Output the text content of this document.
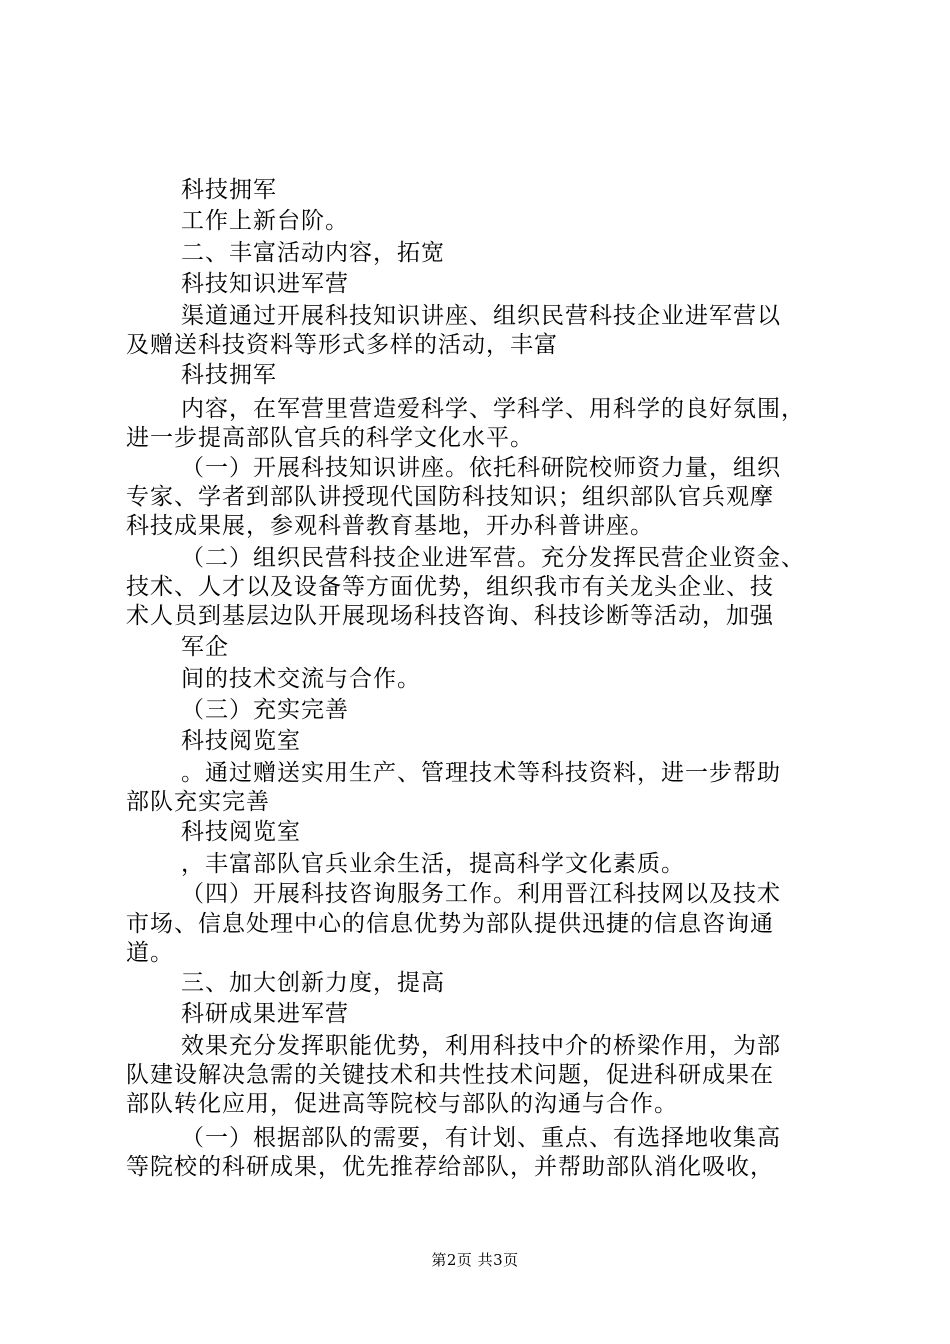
科技拥军
工作上新台阶。
二、丰富活动内容，拓宽
科技知识进军营
渠道通过开展科技知识讲座、组织民营科技企业进军营以
及赠送科技资料等形式多样的活动，丰富
科技拥军
内容，在军营里营造爱科学、学科学、用科学的良好氛围，
进一步提高部队官兵的科学文化水平。
（一）开展科技知识讲座。依托科研院校师资力量，组织
专家、学者到部队讲授现代国防科技知识；组织部队官兵观摩
科技成果展，参观科普教育基地，开办科普讲座。
（二）组织民营科技企业进军营。充分发挥民营企业资金、
技术、人才以及设备等方面优势，组织我市有关龙头企业、技
术人员到基层边队开展现场科技咨询、科技诊断等活动，加强
军企
间的技术交流与合作。
（三）充实完善
科技阅览室
。通过赠送实用生产、管理技术等科技资料，进一步帮助
部队充实完善
科技阅览室
，丰富部队官兵业余生活，提高科学文化素质。
（四）开展科技咨询服务工作。利用晋江科技网以及技术
市场、信息处理中心的信息优势为部队提供迅捷的信息咨询通
道。
三、加大创新力度，提高
科研成果进军营
效果充分发挥职能优势，利用科技中介的桥梁作用，为部
队建设解决急需的关键技术和共性技术问题，促进科研成果在
部队转化应用，促进高等院校与部队的沟通与合作。
（一）根据部队的需要，有计划、重点、有选择地收集高
等院校的科研成果，优先推荐给部队，并帮助部队消化吸收，
第2页 共3页
